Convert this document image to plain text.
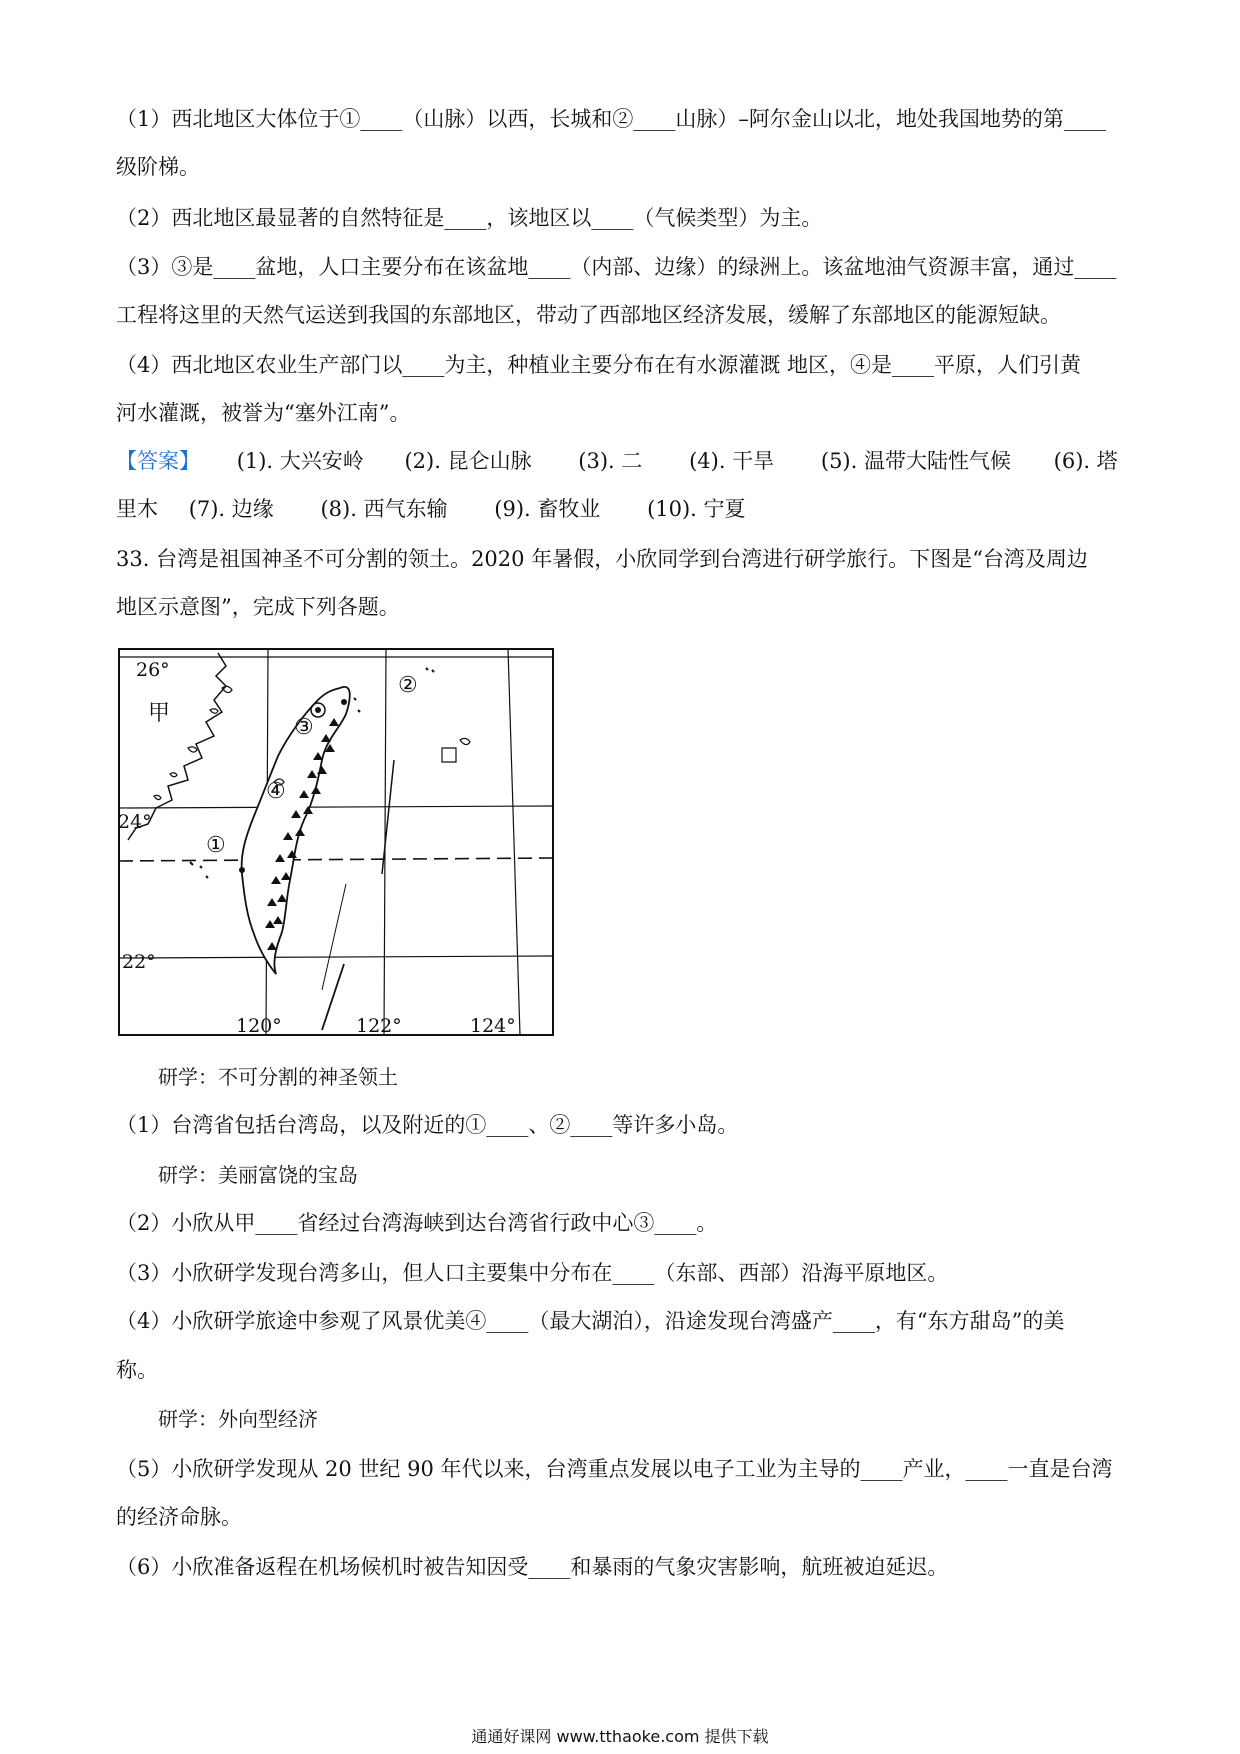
（1）西北地区大体位于①____（山脉）以西，长城和②____山脉）–阿尔金山以北，地处我国地势的第____
级阶梯。
（2）西北地区最显著的自然特征是____，该地区以____（气候类型）为主。
（3）③是____盆地，人口主要分布在该盆地____（内部、边缘）的绿洲上。该盆地油气资源丰富，通过____
工程将这里的天然气运送到我国的东部地区，带动了西部地区经济发展，缓解了东部地区的能源短缺。
（4）西北地区农业生产部门以____为主，种植业主要分布在有水源灌溉 地区，④是____平原，人们引黄
河水灌溉，被誉为“塞外江南”。
【答案】 (1). 大兴安岭 (2). 昆仑山脉 (3). 二 (4). 干旱 (5). 温带大陆性气候 (6). 塔
里木 (7). 边缘 (8). 西气东输 (9). 畜牧业 (10). 宁夏
33. 台湾是祖国神圣不可分割的领土。2020 年暑假，小欣同学到台湾进行研学旅行。下图是“台湾及周边
地区示意图”，完成下列各题。
26°
24°
22°
120°	122°	124°
甲
①
②
③
④
研学：不可分割的神圣领土
（1）台湾省包括台湾岛，以及附近的①____、②____等许多小岛。
研学：美丽富饶的宝岛
（2）小欣从甲____省经过台湾海峡到达台湾省行政中心③____。
（3）小欣研学发现台湾多山，但人口主要集中分布在____（东部、西部）沿海平原地区。
（4）小欣研学旅途中参观了风景优美④____（最大湖泊），沿途发现台湾盛产____，有“东方甜岛”的美
称。
研学：外向型经济
（5）小欣研学发现从 20 世纪 90 年代以来，台湾重点发展以电子工业为主导的____产业，____一直是台湾
的经济命脉。
（6）小欣准备返程在机场候机时被告知因受____和暴雨的气象灾害影响，航班被迫延迟。
通通好课网 www.tthaoke.com 提供下载
